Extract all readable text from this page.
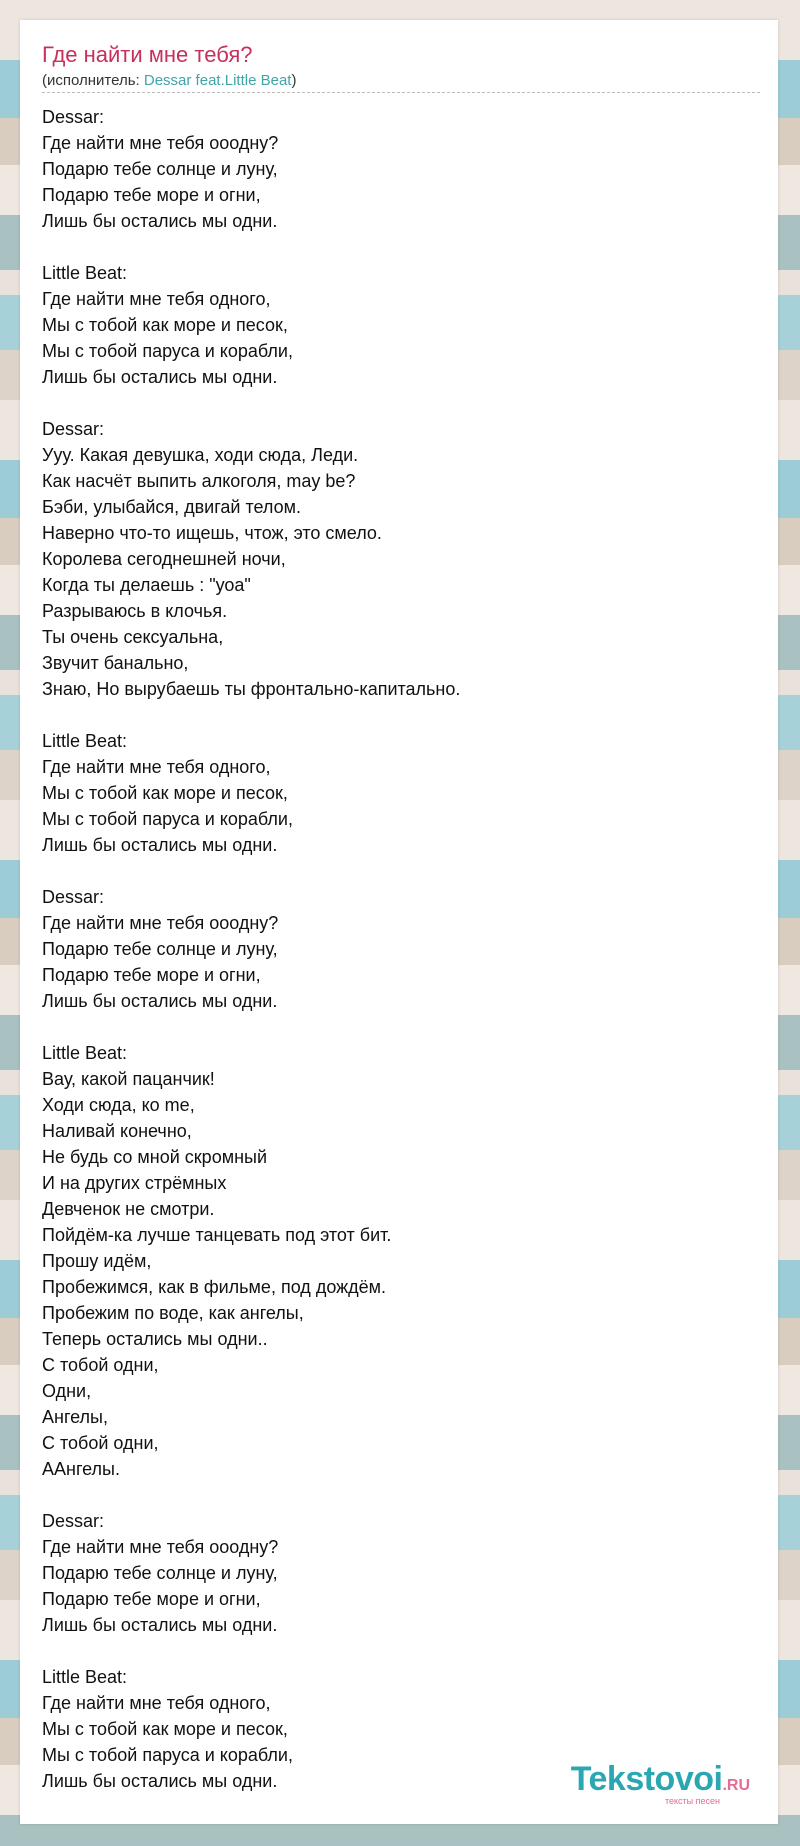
Где найти мне тебя?
(исполнитель: Dessar feat.Little Beat)
Dessar:
Где найти мне тебя оοодну?
Подарю тебе солнце и луну,
Подарю тебе море и огни,
Лишь бы остались мы одни.

Little Beat:
Где найти мне тебя одного,
Мы с тобой как море и песок,
Мы с тобой паруса и корабли,
Лишь бы остались мы одни.

Dessar:
Ууу. Какая девушка, ходи сюда, Леди.
Как насчёт выпить алкоголя, may be?
Бэби, улыбайся, двигай телом.
Наверно что-то ищешь, чтож, это смело.
Королева сегоднешней ночи,
Когда ты делаешь : "уоа"
Разрываюсь в клочья.
Ты очень сексуальна,
Звучит банально,
Знаю, Но вырубаешь ты фронтально-капитально.

Little Beat:
Где найти мне тебя одного,
Мы с тобой как море и песок,
Мы с тобой паруса и корабли,
Лишь бы остались мы одни.

Dessar:
Где найти мне тебя оοодну?
Подарю тебе солнце и луну,
Подарю тебе море и огни,
Лишь бы остались мы одни.

Little Beat:
Вау, какой пацанчик!
Ходи сюда, ко me,
Наливай конечно,
Не будь со мной скромный
И на других стрёмных
Девченок не смотри.
Пойдём-ка лучше танцевать под этот бит.
Прошу идём,
Пробежимся, как в фильме, под дождём.
Пробежим по воде, как ангелы,
Теперь остались мы одни..
С тобой одни,
Одни,
Ангелы,
С тобой одни,
ААнгелы.

Dessar:
Где найти мне тебя оοодну?
Подарю тебе солнце и луну,
Подарю тебе море и огни,
Лишь бы остались мы одни.

Little Beat:
Где найти мне тебя одного,
Мы с тобой как море и песок,
Мы с тобой паруса и корабли,
Лишь бы остались мы одни.	Tekstovoi.RU
тексты песен
